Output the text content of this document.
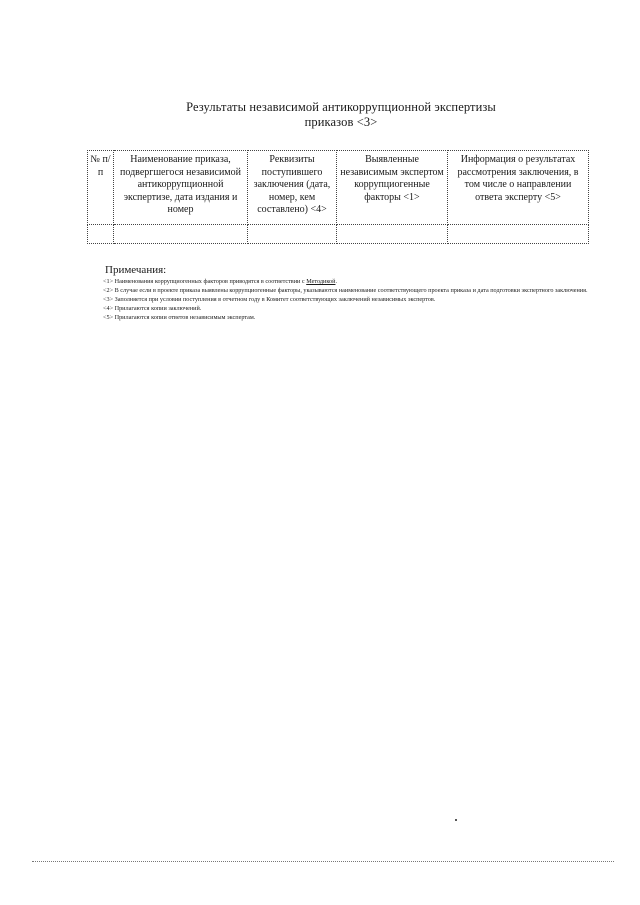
Результаты независимой антикоррупционной экспертизы
приказов <3>
№ п/п	Наименование приказа, подвергшегося независимой антикоррупционной экспертизе, дата издания и номер	Реквизиты поступившего заключения (дата, номер, кем составлено) <4>	Выявленные независимым экспертом коррупциогенные факторы <1>	Информация о результатах рассмотрения заключения, в том числе о направлении ответа эксперту <5>

Примечания:

<1> Наименования коррупциогенных факторов приводятся в соответствии с Методикой.

<2> В случае если в проекте приказа выявлены коррупциогенные факторы, указываются наименование соответствующего проекта приказа и дата подготовки экспертного заключения.

<3> Заполняется при условии поступления в отчетном году в Комитет соответствующих заключений независимых экспертов.

<4> Прилагаются копии заключений.

<5> Прилагаются копии ответов независимым экспертам.
